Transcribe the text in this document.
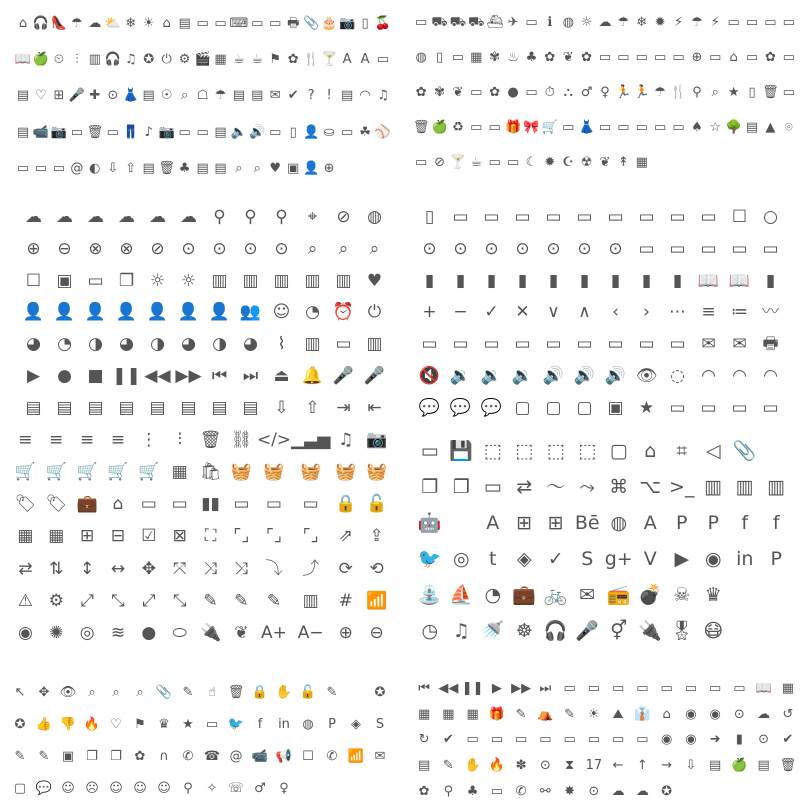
⌂ 🎧 👠 ☂ ☁ ⛅ ❄ ☀ ⌂ ▤ ▭ ▭ ⌨ ▭ ▭ 🖶 📎 🎂 📷 ▯ 🍒
📖 🍏 ⏲ ⫶ ▥ 🎧 ♫ ✪ ⏻ ⚙ 🎬 ▦ ☕ ☕ ⚑ ✿ 🍴 🍸 A A ▭
▤ ♡ ⊞ 🎤 ✚ ⊙ 👗 ▤ ☉ ⌕ ☖ ☂ ▤ ▤ ✉ ✔ ? ! ▤ ◠ ♫
▤ 📹 📷 ▭ 🗑 ▭ 👖 ♪ 📷 ▭ ▭ ▤ 🔈 🔊 ▭ ▯ 👤 ⛀ ▭ ☘ ⚾
▭ ▭ ▭ @ ◐ ⇩ ⇧ ▤ 🗑 ♣ ▤ ▤ ⌕ ⌕ ♥ ▣ 👤 ⊕
▭ ⛟ ⛟ ⛟ ⛴ ✈ ▭ ℹ ◍ ☼ ☁ ☂ ❄ ✹ ⚡ ☂ ⚡ ▭ ▭ ▭ ▭
◍ ▯ ▭ ▦ ✾ ♨ ♣ ✿ ❦ ✿ ▭ ▭ ▭ ▭ ▭ ⊕ ▭ ⌂ ▭ ✿ ▭
✿ ✾ ❦ ▭ ✿ ● ▭ ⏱ ⛬ ♂ ♀ 🏃 🏃 ☂ 🍴 ⚲ ⌕ ★ ▯ 🗑 ▭
🗑 🍏 ♻ ▭ ▭ 🎁 🎀 🛒 ▭ 👗 ▭ ▭ ▭ ▭ ▭ ♠ ☆ 🌳 ▤ ▲ ⌾
▭ ⊘ 🍸 ☕ ▭ ▭ ☾ ✹ ☪ ☢ ❦ ↟ ▦
☁ ☁ ☁ ☁ ☁ ☁ ⚲ ⚲ ⚲ ⌖ ⊘ ◍
⊕ ⊖ ⊗ ⊗ ⊘ ⊙ ⊙ ⊙ ⊙ ⌕ ⌕ ⌕
☐ ▣ ▭ ❐ ☼ ☼ ▥ ▥ ▥ ▥ ▥ ♥
👤 👤 👤 👤 👤 👤 👤 👥 ☺ ◔ ⏰ ⏻
◕ ◔ ◑ ◕ ◑ ◕ ◑ ◕ ⌇ ▥ ▭ ▥
▶ ● ■ ❚❚ ◀◀ ▶▶ ⏮ ⏭ ⏏ 🔔 🎤 🎤
▤ ▤ ▤ ▤ ▤ ▤ ▤ ▤ ⇩ ⇧ ⇥ ⇤
▯ ▭ ▭ ▭ ▭ ▭ ▭ ▭ ▭ ▭ ☐ ○
⊙ ⊙ ⊙ ⊙ ⊙ ⊙ ⊙ ▭ ▭ ▭ ▭ ▭
▮ ▮ ▮ ▮ ▮ ▮ ▮ ▮ ▮ 📖 📖 ▮
+ − ✓ ✕ ∨ ∧ ‹ › ⋯ ≡ ≔ 〰
▭ ▭ ▭ ▭ ▭ ▭ ▭ ▭ ▭ ✉ ✉ 🖶
🔇 🔉 🔉 🔉 🔊 🔊 🔊 👁 ◌ ◠ ◠ ◠
💬 💬 💬 ▢ ▢ ▢ ▣ ★ ▭ ▭ ▭ ▭
≡ ≡ ≡ ≡ ⋮ ⫶ 🗑 ⛓ </> ▁▃▅ ♫ 📷
🛒 🛒 🛒 🛒 🛒 ▦ 🛍 🧺 🧺 🧺 🧺 🧺
🏷 🏷 💼 ⌂ ▭ ▭ ▮▮ ▭ ▭ ▭ 🔒 🔓
▦ ▦ ⊞ ⊟ ☑ ⊠ ⛶ ⌜⌟ ⌜⌟ ⌜⌟ ⇗ ⇪
⇄ ⇅ ↕ ↔ ✥ ⤧ ⤨ ⤨ ⤵ ⤴ ⟳ ⟲
⚠ ⚙ ⤢ ⤡ ⤢ ⤡ ✎ ✎ ✎ ▥ # 📶
◉ ✺ ◎ ≋ ● ⬭ 🔌 ❦ A+ A− ⊕ ⊖
▭ 💾 ⬚ ⬚ ⬚ ⬚ ▢ ⌂ ⌗ ◁ 📎
❐ ❐ ▭ ⇄ 〜 ⤳ ⌘ ⌥ >_ ▥ ▥ ▥
🤖 A ⊞ ⊞ Bē ◍ A P P f f
🐦 ◎ t ◈ ✓ S g+ V ▶ ◉ in P
⛲ ⛵ ◔ 💼 🚲 ✉ 📻 💣 ☠ ♛
◷ ♫ 🚿 ☸ 🎧 🎤 ⚥ 🔌 🎖 😷
↖ ✥ 👁 ⌕ ⌕ ⌕ 📎 ✎ ☝ 🗑 🔒 ✋ 🔓 ✎	✪
✪ 👍 👎 🔥 ♡ ⚑ ♛ ★ ▭ 🐦 f in ◍ P ◈ S
✎ ✎ ▣ ❐ ❐ ✿ ∩ ✆ ☎ @ 📹 📢 ☐ ✆ 📶 ✉
▢ 💬 ☺ ☹ ☺ ☺ ☺ ⚲ ✧ ☏ ♂ ♀
⏮ ◀◀ ❚❚ ▶ ▶▶ ⏭ ▭ ▭ ▭ ▭ ▭ ▭ ▭ ▭ 📖 ▦
▦ ▦ ▦ 🎁 ✎ ⛺ ✎ ☀ ⛰ 👔 ⌂ ◉ ◉ ⊙ ☁ ↺
↻ ✔ ▭ ▭ ▭ ▭ ▭ ▭ ▭ ▭ ◉ ◉ ➜ ▮ ⊙ ✔
▤ ✎ ✋ 🔥 ✽ ⊙ ⧗ 17 ← ↑ → ⇩ ▤ 🍏 ▤ 🗑
✿ ⚲ ♣ ▭ ✆ ⚯ ✸ ⊙ ☁ ☁ ✪
